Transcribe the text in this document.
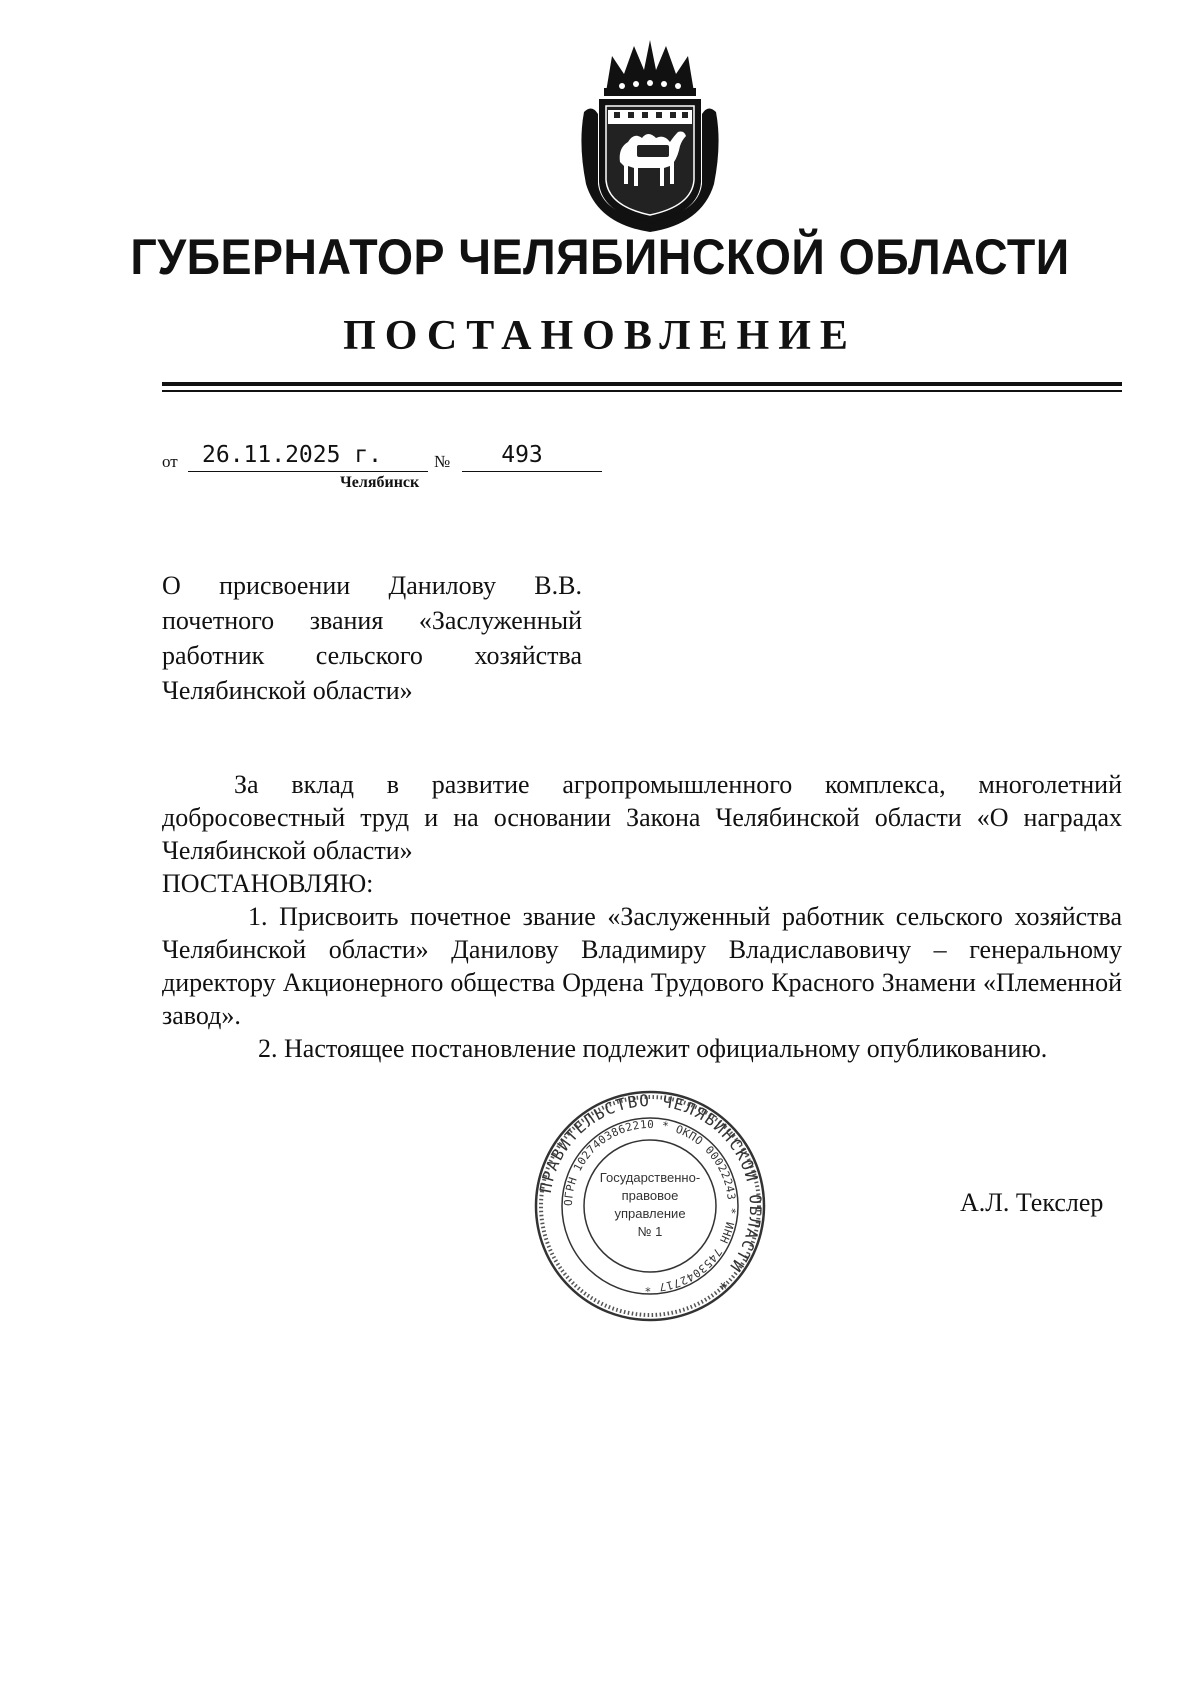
ГУБЕРНАТОР ЧЕЛЯБИНСКОЙ ОБЛАСТИ
ПОСТАНОВЛЕНИЕ
от	26.11.2025 г.	№	493
Челябинск
О присвоении Данилову В.В. почетного звания «Заслуженный работник сельского хозяйства Челябинской области»
За вклад в развитие агропромышленного комплекса, многолетний добросовестный труд и на основании Закона Челябинской области «О наградах Челябинской области»
ПОСТАНОВЛЯЮ:
1. Присвоить почетное звание «Заслуженный работник сельского хозяйства Челябинской области» Данилову Владимиру Владиславовичу – генеральному директору Акционерного общества Ордена Трудового Красного Знамени «Племенной завод».
2. Настоящее постановление подлежит официальному опубликованию.
ПРАВИТЕЛЬСТВО ЧЕЛЯБИНСКОЙ ОБЛАСТИ *
ОГРН 1027403862210 * ОКПО 00022243 * ИНН 7453042717 *
Государственно-
правовое
управление
№ 1
А.Л. Текслер
